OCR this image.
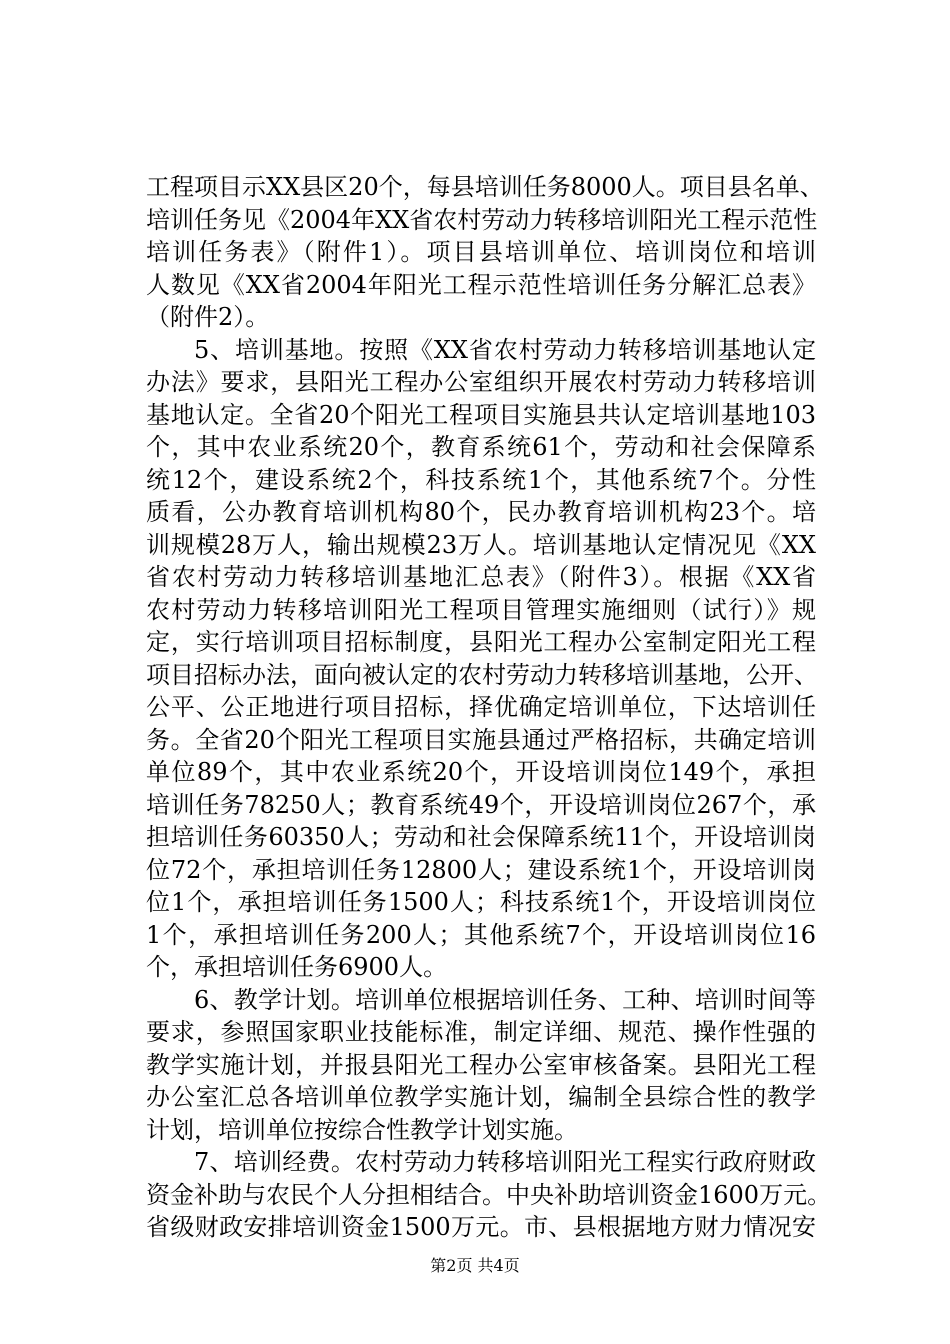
工程项目示XX县区20个，每县培训任务8000人。项目县名单、
培训任务见《2004年XX省农村劳动力转移培训阳光工程示范性
培训任务表》（附件1）。项目县培训单位、培训岗位和培训
人数见《XX省2004年阳光工程示范性培训任务分解汇总表》
（附件2）。
5、培训基地。按照《XX省农村劳动力转移培训基地认定
办法》要求，县阳光工程办公室组织开展农村劳动力转移培训
基地认定。全省20个阳光工程项目实施县共认定培训基地103
个，其中农业系统20个，教育系统61个，劳动和社会保障系
统12个，建设系统2个，科技系统1个，其他系统7个。分性
质看，公办教育培训机构80个，民办教育培训机构23个。培
训规模28万人，输出规模23万人。培训基地认定情况见《XX
省农村劳动力转移培训基地汇总表》（附件3）。根据《XX省
农村劳动力转移培训阳光工程项目管理实施细则（试行）》规
定，实行培训项目招标制度，县阳光工程办公室制定阳光工程
项目招标办法，面向被认定的农村劳动力转移培训基地，公开、
公平、公正地进行项目招标，择优确定培训单位，下达培训任
务。全省20个阳光工程项目实施县通过严格招标，共确定培训
单位89个，其中农业系统20个，开设培训岗位149个，承担
培训任务78250人；教育系统49个，开设培训岗位267个，承
担培训任务60350人；劳动和社会保障系统11个，开设培训岗
位72个，承担培训任务12800人；建设系统1个，开设培训岗
位1个，承担培训任务1500人；科技系统1个，开设培训岗位
1个，承担培训任务200人；其他系统7个，开设培训岗位16
个，承担培训任务6900人。
6、教学计划。培训单位根据培训任务、工种、培训时间等
要求，参照国家职业技能标准，制定详细、规范、操作性强的
教学实施计划，并报县阳光工程办公室审核备案。县阳光工程
办公室汇总各培训单位教学实施计划，编制全县综合性的教学
计划，培训单位按综合性教学计划实施。
7、培训经费。农村劳动力转移培训阳光工程实行政府财政
资金补助与农民个人分担相结合。中央补助培训资金1600万元。
省级财政安排培训资金1500万元。市、县根据地方财力情况安
第2页 共4页
